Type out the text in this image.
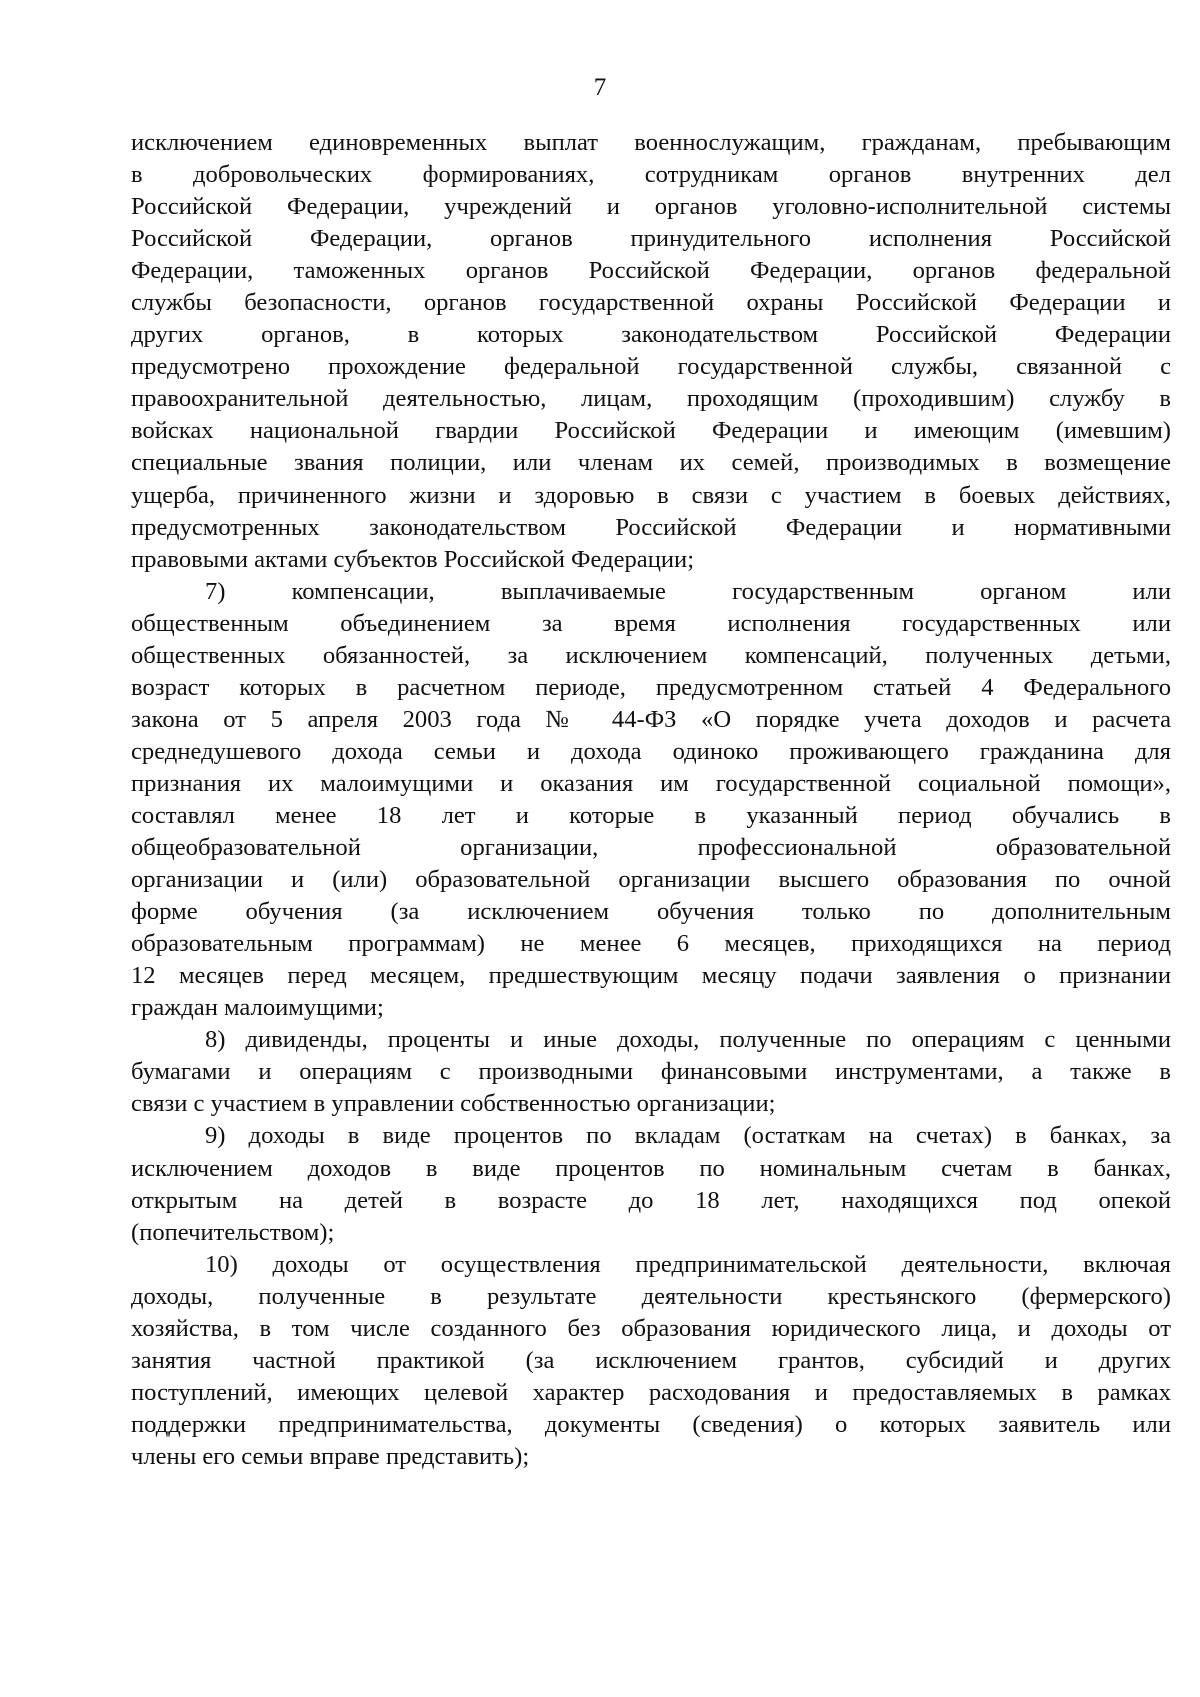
7

исключением единовременных выплат военнослужащим, гражданам, пребывающим
в добровольческих формированиях, сотрудникам органов внутренних дел
Российской Федерации, учреждений и органов уголовно-исполнительной системы
Российской Федерации, органов принудительного исполнения Российской
Федерации, таможенных органов Российской Федерации, органов федеральной
службы безопасности, органов государственной охраны Российской Федерации и
других органов, в которых законодательством Российской Федерации
предусмотрено прохождение федеральной государственной службы, связанной с
правоохранительной деятельностью, лицам, проходящим (проходившим) службу в
войсках национальной гвардии Российской Федерации и имеющим (имевшим)
специальные звания полиции, или членам их семей, производимых в возмещение
ущерба, причиненного жизни и здоровью в связи с участием в боевых действиях,
предусмотренных законодательством Российской Федерации и нормативными
правовыми актами субъектов Российской Федерации;

7) компенсации, выплачиваемые государственным органом или
общественным объединением за время исполнения государственных или
общественных обязанностей, за исключением компенсаций, полученных детьми,
возраст которых в расчетном периоде, предусмотренном статьей 4 Федерального
закона от 5 апреля 2003 года № 44-ФЗ «О порядке учета доходов и расчета
среднедушевого дохода семьи и дохода одиноко проживающего гражданина для
признания их малоимущими и оказания им государственной социальной помощи»,
составлял менее 18 лет и которые в указанный период обучались в
общеобразовательной организации, профессиональной образовательной
организации и (или) образовательной организации высшего образования по очной
форме обучения (за исключением обучения только по дополнительным
образовательным программам) не менее 6 месяцев, приходящихся на период
12 месяцев перед месяцем, предшествующим месяцу подачи заявления о признании
граждан малоимущими;

8) дивиденды, проценты и иные доходы, полученные по операциям с ценными
бумагами и операциям с производными финансовыми инструментами, а также в
связи с участием в управлении собственностью организации;

9) доходы в виде процентов по вкладам (остаткам на счетах) в банках, за
исключением доходов в виде процентов по номинальным счетам в банках,
открытым на детей в возрасте до 18 лет, находящихся под опекой
(попечительством);

10) доходы от осуществления предпринимательской деятельности, включая
доходы, полученные в результате деятельности крестьянского (фермерского)
хозяйства, в том числе созданного без образования юридического лица, и доходы от
занятия частной практикой (за исключением грантов, субсидий и других
поступлений, имеющих целевой характер расходования и предоставляемых в рамках
поддержки предпринимательства, документы (сведения) о которых заявитель или
члены его семьи вправе представить);
